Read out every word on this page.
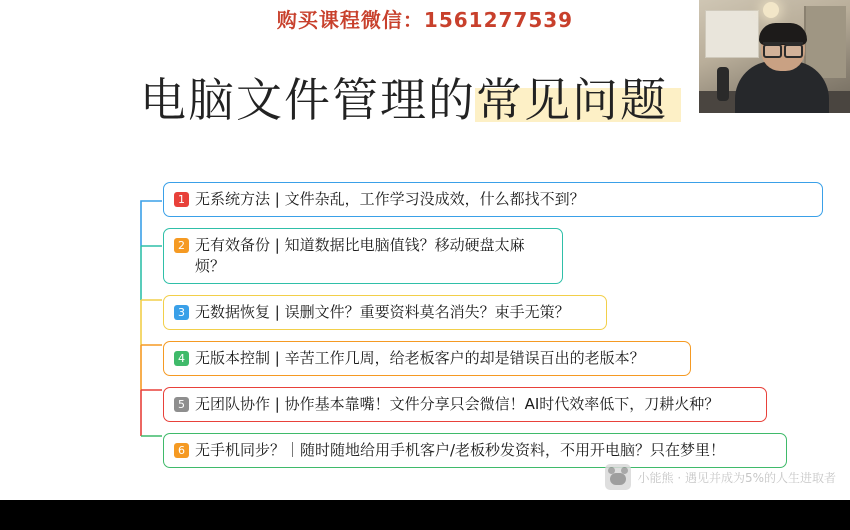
购买课程微信：1561277539
电脑文件管理的常见问题
1 无系统方法 | 文件杂乱，工作学习没成效，什么都找不到？
2 无有效备份 | 知道数据比电脑值钱？移动硬盘太麻烦？
3 无数据恢复 | 误删文件？重要资料莫名消失？束手无策？
4 无版本控制 | 辛苦工作几周，给老板客户的却是错误百出的老版本？
5 无团队协作 | 协作基本靠嘴！文件分享只会微信！AI时代效率低下，刀耕火种？
6 无手机同步？｜随时随地给用手机客户/老板秒发资料，不用开电脑？只在梦里！
小能熊 · 遇见并成为5%的人生进取者
